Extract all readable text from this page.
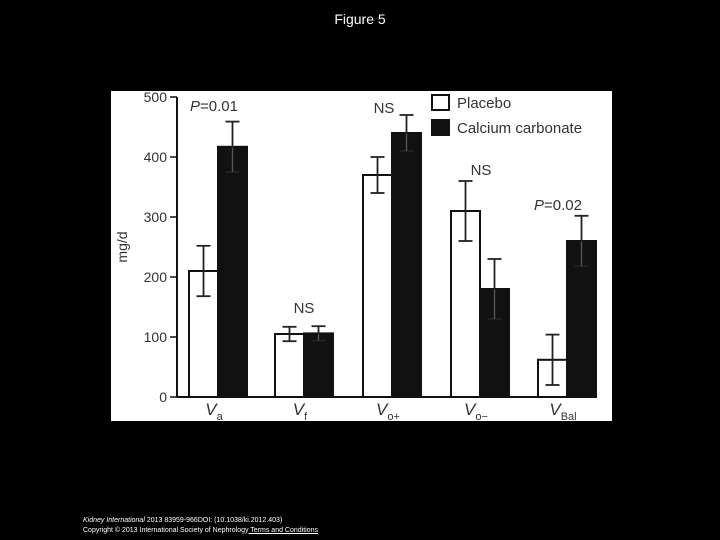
Figure 5
0
100
200
300
400
500
mg/d
$V_a$	$V_f$	$V_{o+}$	$V_{o-}$	$V_{Bal}$
P=0.01
NS
NS
NS
P=0.02
Placebo
Calcium carbonate
Kidney International 2013 83959-966DOI: (10.1038/ki.2012.403)
Copyright © 2013 International Society of Nephrology Terms and Conditions
